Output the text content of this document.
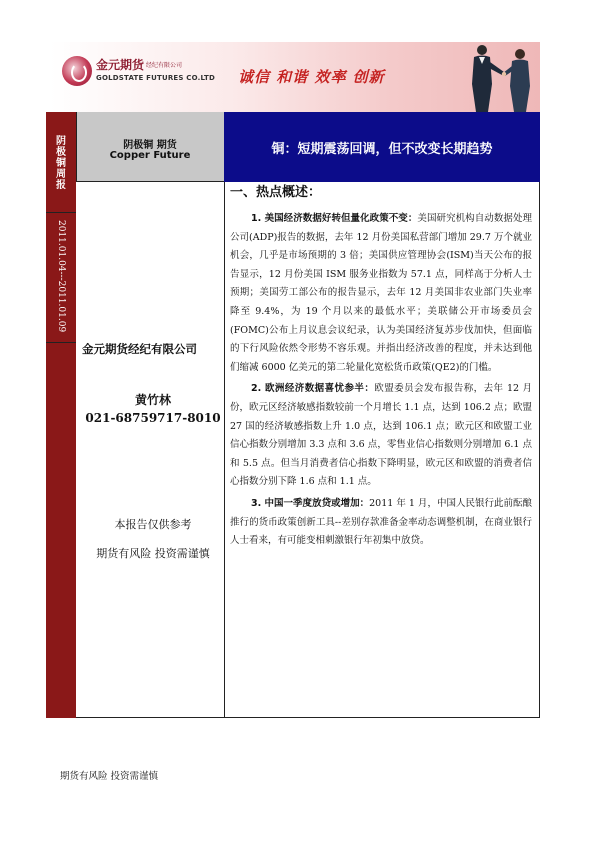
金元期货 经纪有限公司
GOLDSTATE FUTURES CO.LTD 诚信 和谐 效率 创新
阴极铜周报
2011.01.04---2011.01.09
阴极铜 期货
Copper Future	铜：短期震荡回调，但不改变长期趋势
金元期货经纪有限公司
黄竹林
021-68759717-8010
本报告仅供参考
期货有风险 投资需谨慎
一、热点概述：

1. 美国经济数据好转但量化政策不变：美国研究机构自动数据处理公司(ADP)报告的数据，去年 12 月份美国私营部门增加 29.7 万个就业机会，几乎是市场预期的 3 倍；美国供应管理协会(ISM)当天公布的报告显示，12 月份美国 ISM 服务业指数为 57.1 点，同样高于分析人士预期；美国劳工部公布的报告显示，去年 12 月美国非农业部门失业率降至 9.4%，为 19 个月以来的最低水平；美联储公开市场委员会(FOMC)公布上月议息会议纪录，认为美国经济复苏步伐加快，但面临的下行风险依然令形势不容乐观。并指出经济改善的程度，并未达到他们缩减 6000 亿美元的第二轮量化宽松货币政策(QE2)的门槛。

2. 欧洲经济数据喜忧参半：欧盟委员会发布报告称，去年 12 月份，欧元区经济敏感指数较前一个月增长 1.1 点，达到 106.2 点；欧盟 27 国的经济敏感指数上升 1.0 点，达到 106.1 点；欧元区和欧盟工业信心指数分别增加 3.3 点和 3.6 点，零售业信心指数则分别增加 6.1 点和 5.5 点。但当月消费者信心指数下降明显，欧元区和欧盟的消费者信心指数分别下降 1.6 点和 1.1 点。

3. 中国一季度放贷或增加：2011 年 1 月，中国人民银行此前酝酿推行的货币政策创新工具--差别存款准备金率动态调整机制，在商业银行人士看来，有可能变相刺激银行年初集中放贷。

期货有风险 投资需谨慎
